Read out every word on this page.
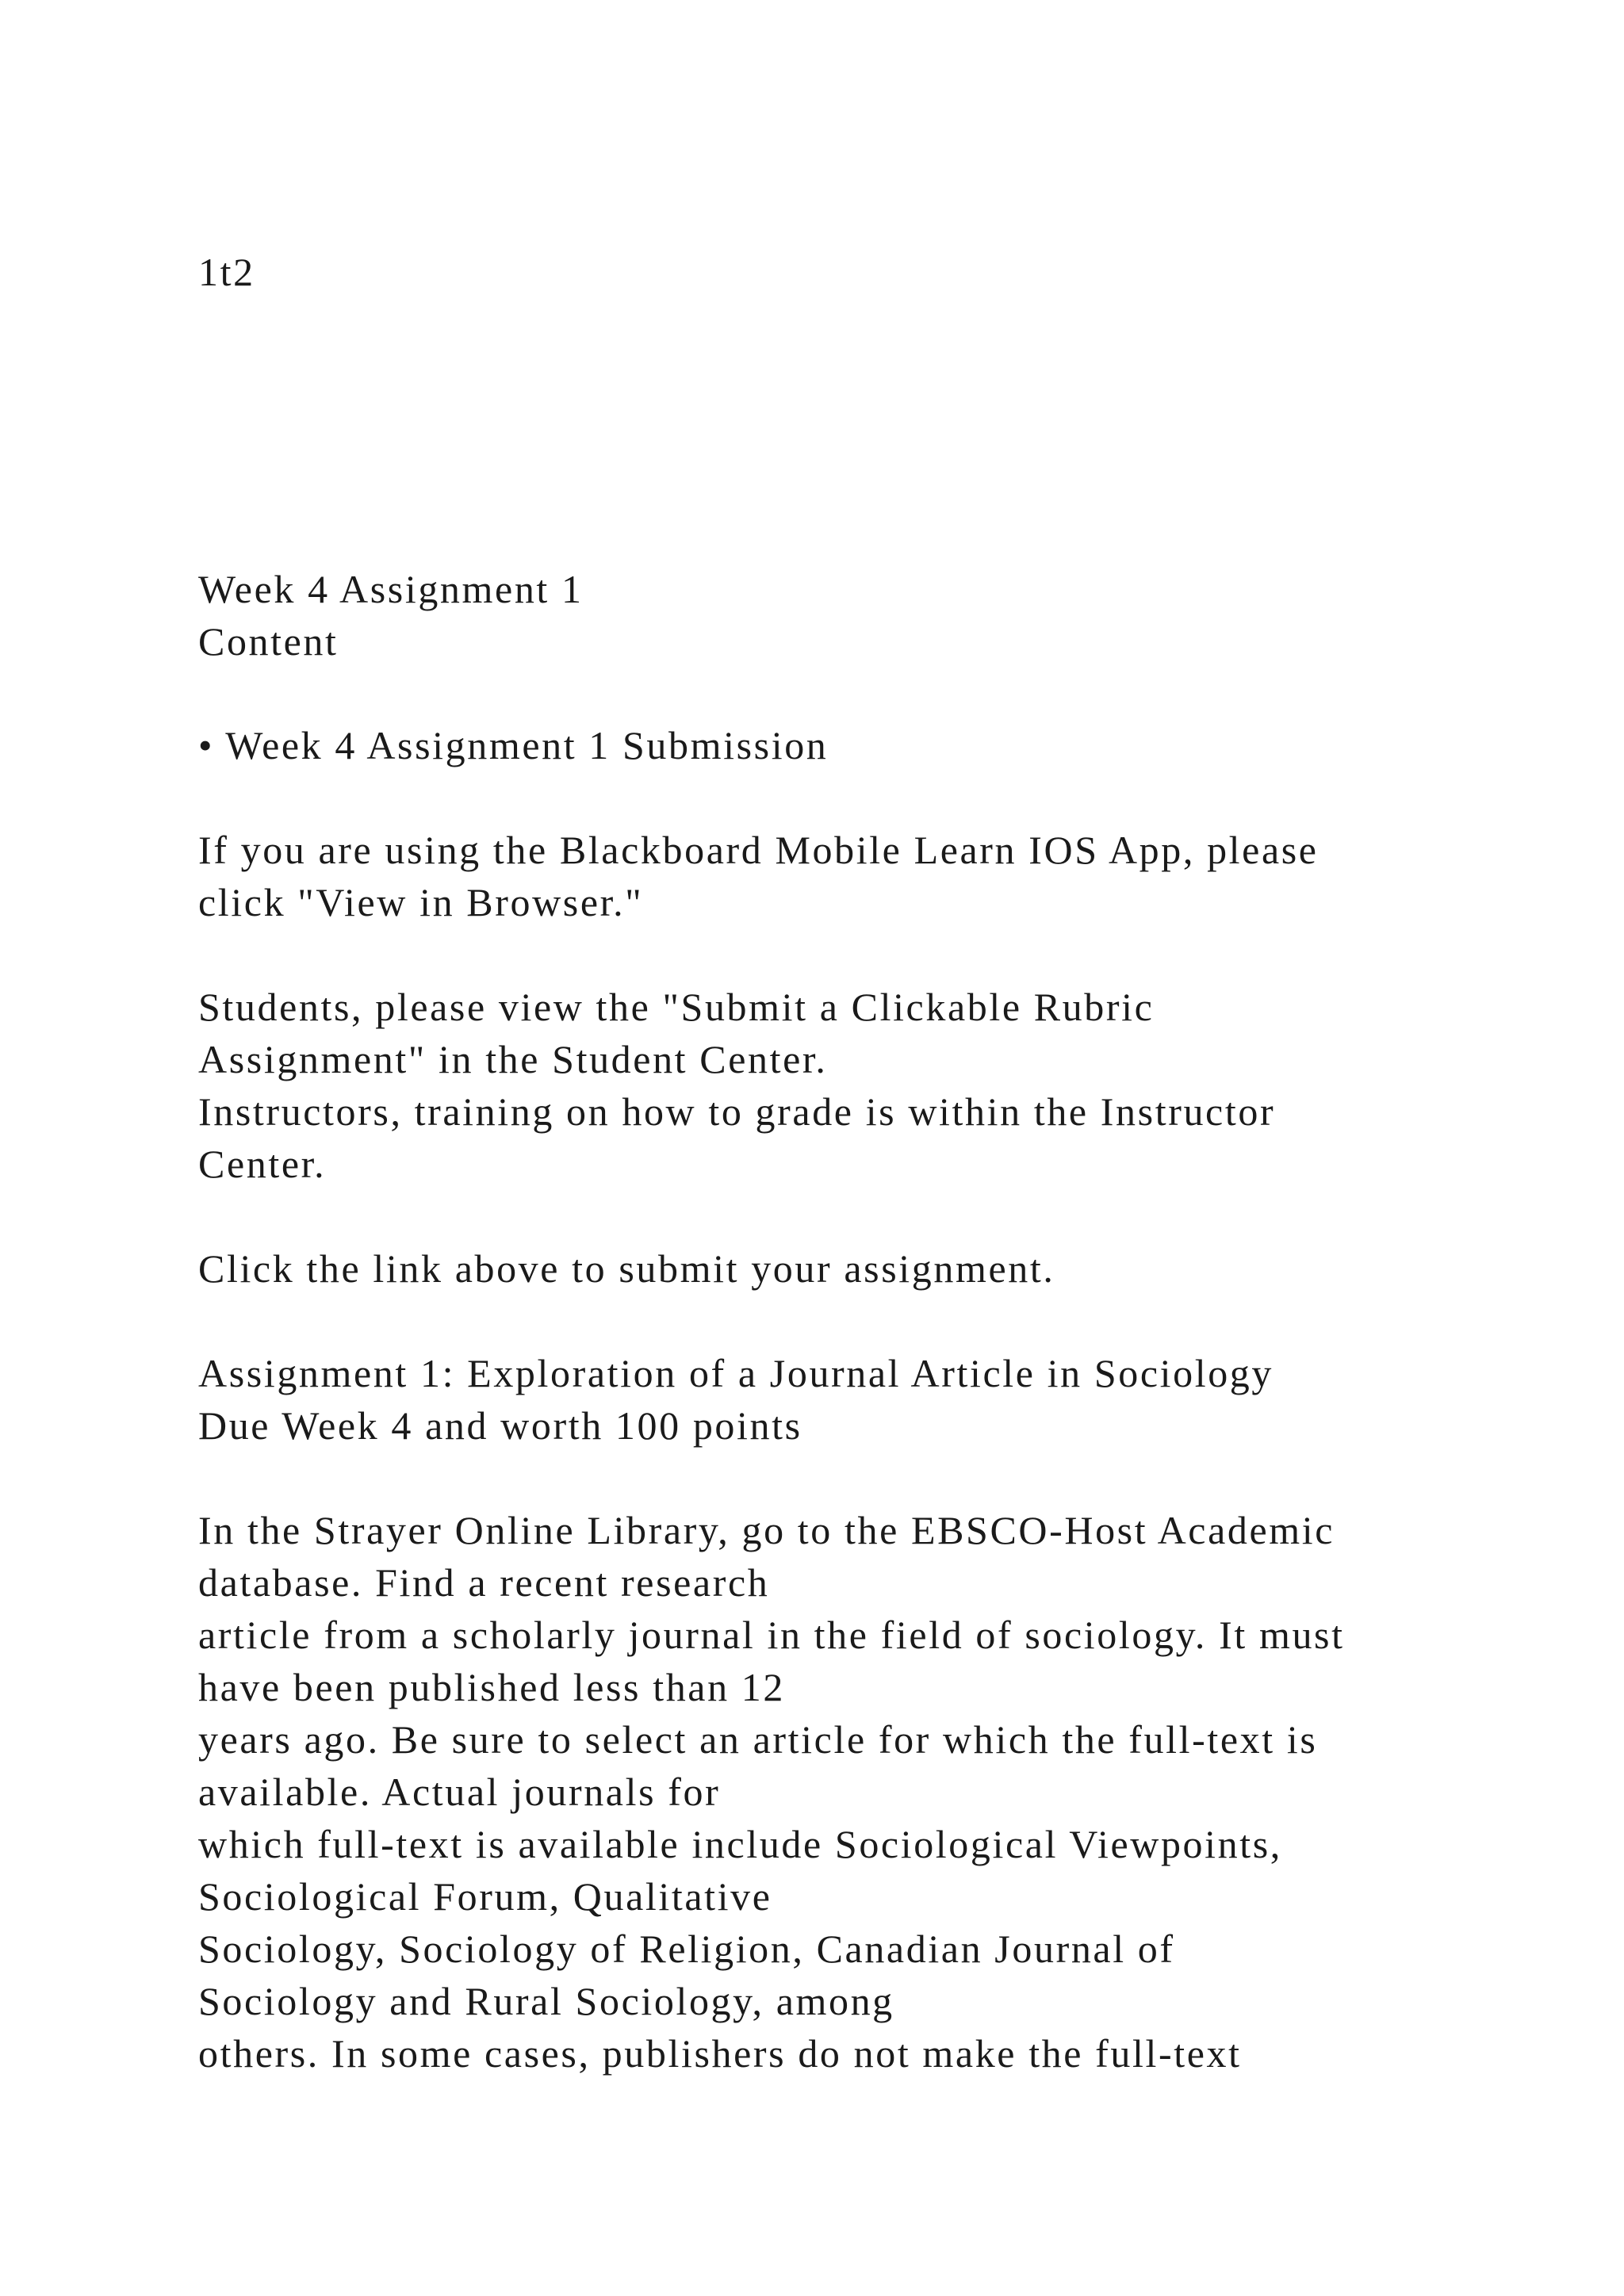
1t2
Week 4 Assignment 1
Content
• Week 4 Assignment 1 Submission
If you are using the Blackboard Mobile Learn IOS App, please
click "View in Browser."
Students, please view the "Submit a Clickable Rubric
Assignment" in the Student Center.
Instructors, training on how to grade is within the Instructor
Center.
Click the link above to submit your assignment.
Assignment 1: Exploration of a Journal Article in Sociology
Due Week 4 and worth 100 points
In the Strayer Online Library, go to the EBSCO-Host Academic
database. Find a recent research
article from a scholarly journal in the field of sociology. It must
have been published less than 12
years ago. Be sure to select an article for which the full-text is
available. Actual journals for
which full-text is available include Sociological Viewpoints,
Sociological Forum, Qualitative
Sociology, Sociology of Religion, Canadian Journal of
Sociology and Rural Sociology, among
others. In some cases, publishers do not make the full-text
